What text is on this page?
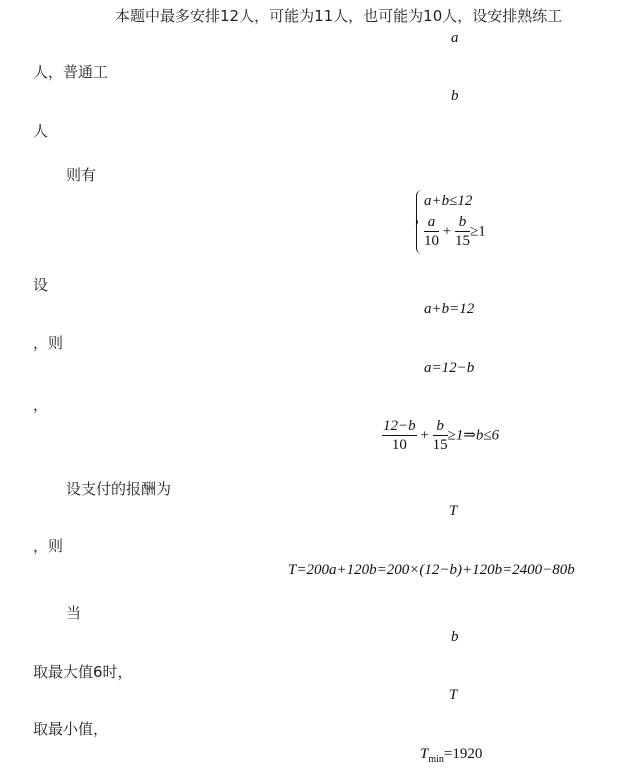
本题中最多安排12人，可能为11人，也可能为10人，设安排熟练工
a
人，普通工
b
人
则有
a+b≤12
$\frac{a}{10} + \frac{b}{15} \ge 1$
设
a+b=12
，则
a=12−b
，
$\frac{12-b}{10} + \frac{b}{15}$ ≥1⇒b≤6
设支付的报酬为
T
，则
T=200a+120b=200×(12−b)+120b=2400−80b
当
b
取最大值6时，
T
取最小值，
$T_{min}=1920$
